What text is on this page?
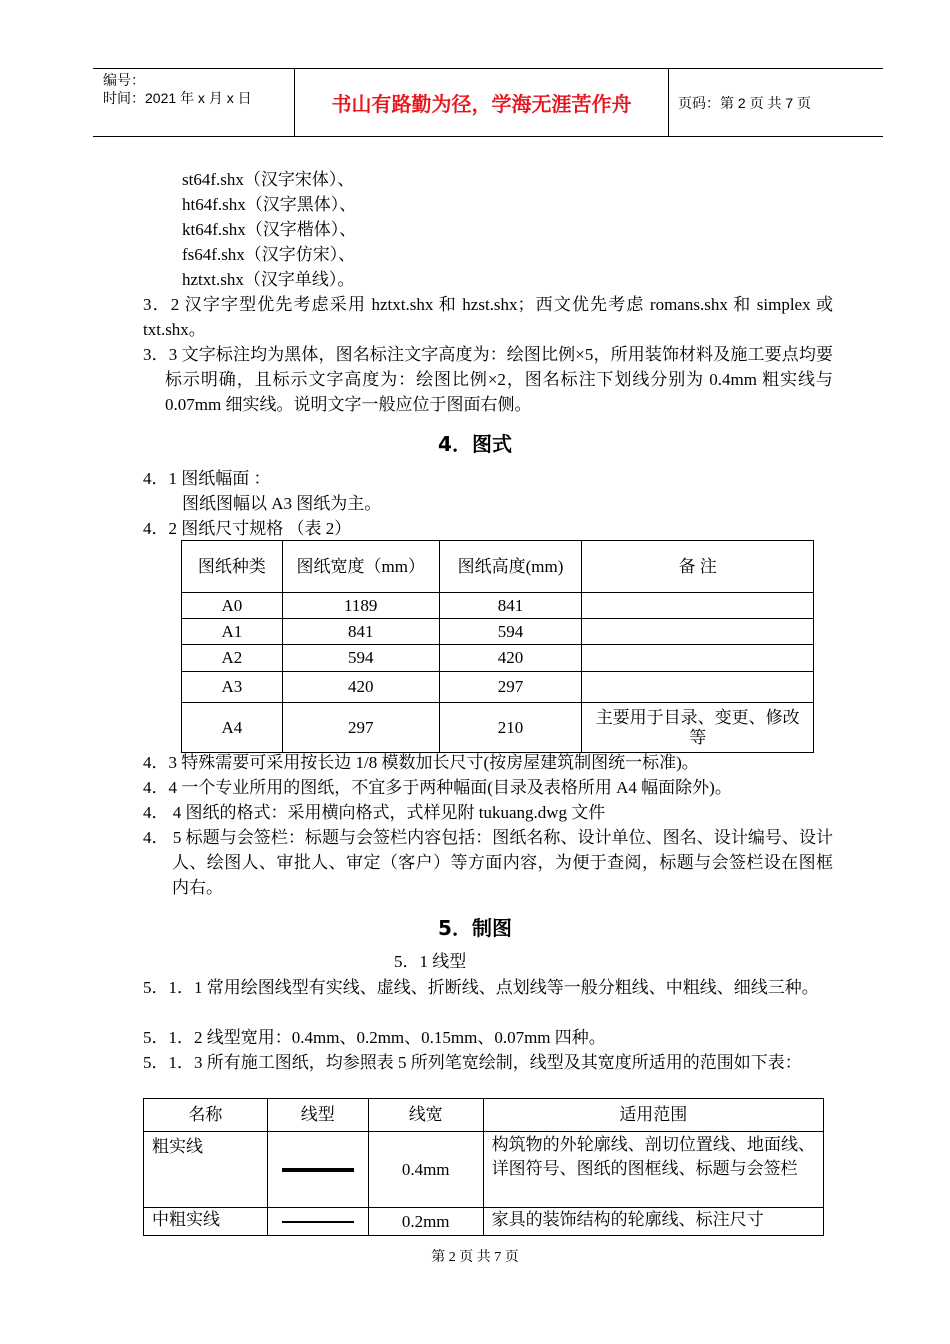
编号：
时间：2021 年 x 月 x 日	书山有路勤为径，学海无涯苦作舟	页码：第 2 页 共 7 页
st64f.shx（汉字宋体）、
ht64f.shx（汉字黑体）、
kt64f.shx（汉字楷体）、
fs64f.shx（汉字仿宋）、
hztxt.shx（汉字单线）。
3．2 汉字字型优先考虑采用 hztxt.shx 和 hzst.shx；西文优先考虑 romans.shx 和 simplex 或 txt.shx。
3．3 文字标注均为黑体，图名标注文字高度为：绘图比例×5，所用装饰材料及施工要点均要标示明确，且标示文字高度为：绘图比例×2，图名标注下划线分别为 0.4mm 粗实线与 0.07mm 细实线。说明文字一般应位于图面右侧。
4．图式
4．1 图纸幅面 ：
图纸图幅以 A3 图纸为主。
4．2 图纸尺寸规格 （表 2）
图纸种类	图纸宽度（mm）	图纸高度(mm)	备 注
A0	1189	841	
A1	841	594	
A2	594	420	
A3	420	297	
A4	297	210	主要用于目录、变更、修改等
4．3 特殊需要可采用按长边 1/8 模数加长尺寸(按房屋建筑制图统一标准)。
4．4 一个专业所用的图纸，不宜多于两种幅面(目录及表格所用 A4 幅面除外)。
4． 4 图纸的格式：采用横向格式，式样见附 tukuang.dwg 文件
4． 5 标题与会签栏：标题与会签栏内容包括：图纸名称、设计单位、图名、设计编号、设计人、绘图人、审批人、审定（客户）等方面内容，为便于查阅，标题与会签栏设在图框内右。
5．制图
5．1 线型
5．1．1 常用绘图线型有实线、虚线、折断线、点划线等一般分粗线、中粗线、细线三种。
5．1．2 线型宽用：0.4mm、0.2mm、0.15mm、0.07mm 四种。
5．1．3 所有施工图纸，均参照表 5 所列笔宽绘制，线型及其宽度所适用的范围如下表：
名称	线型	线宽	适用范围
粗实线		0.4mm	构筑物的外轮廓线、剖切位置线、地面线、详图符号、图纸的图框线、标题与会签栏
中粗实线		0.2mm	家具的装饰结构的轮廓线、标注尺寸
第 2 页 共 7 页
